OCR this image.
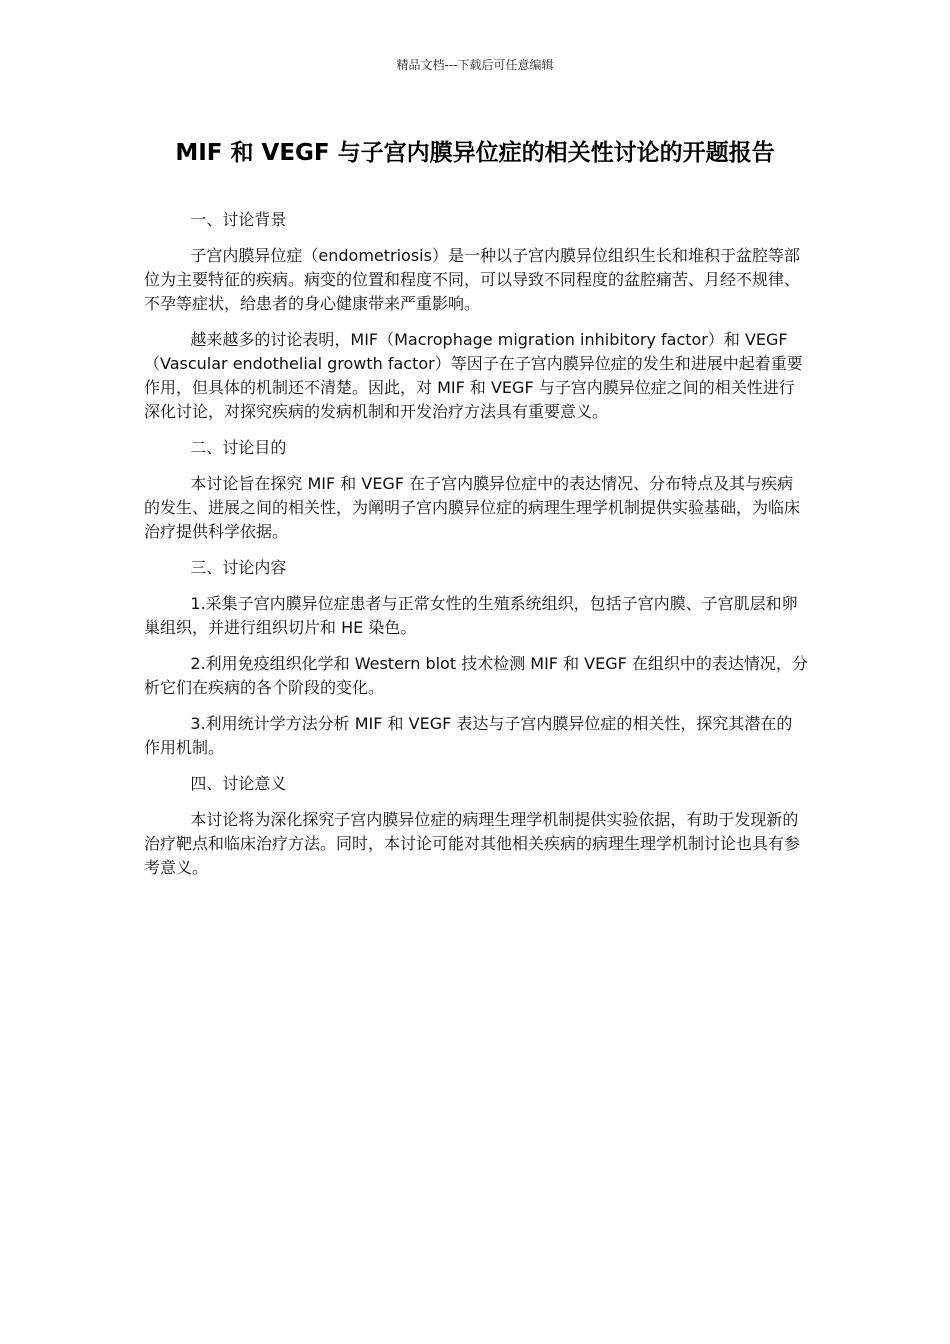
精品文档---下载后可任意编辑
MIF 和 VEGF 与子宫内膜异位症的相关性讨论的开题报告

一、讨论背景

子宫内膜异位症（endometriosis）是一种以子宫内膜异位组织生长和堆积于盆腔等部位为主要特征的疾病。病变的位置和程度不同，可以导致不同程度的盆腔痛苦、月经不规律、不孕等症状，给患者的身心健康带来严重影响。

越来越多的讨论表明，MIF（Macrophage migration inhibitory factor）和 VEGF（Vascular endothelial growth factor）等因子在子宫内膜异位症的发生和进展中起着重要作用，但具体的机制还不清楚。因此，对 MIF 和 VEGF 与子宫内膜异位症之间的相关性进行深化讨论，对探究疾病的发病机制和开发治疗方法具有重要意义。

二、讨论目的

本讨论旨在探究 MIF 和 VEGF 在子宫内膜异位症中的表达情况、分布特点及其与疾病的发生、进展之间的相关性，为阐明子宫内膜异位症的病理生理学机制提供实验基础，为临床治疗提供科学依据。

三、讨论内容

1.采集子宫内膜异位症患者与正常女性的生殖系统组织，包括子宫内膜、子宫肌层和卵巢组织，并进行组织切片和 HE 染色。

2.利用免疫组织化学和 Western blot 技术检测 MIF 和 VEGF 在组织中的表达情况，分析它们在疾病的各个阶段的变化。

3.利用统计学方法分析 MIF 和 VEGF 表达与子宫内膜异位症的相关性，探究其潜在的作用机制。

四、讨论意义

本讨论将为深化探究子宫内膜异位症的病理生理学机制提供实验依据，有助于发现新的治疗靶点和临床治疗方法。同时，本讨论可能对其他相关疾病的病理生理学机制讨论也具有参考意义。
